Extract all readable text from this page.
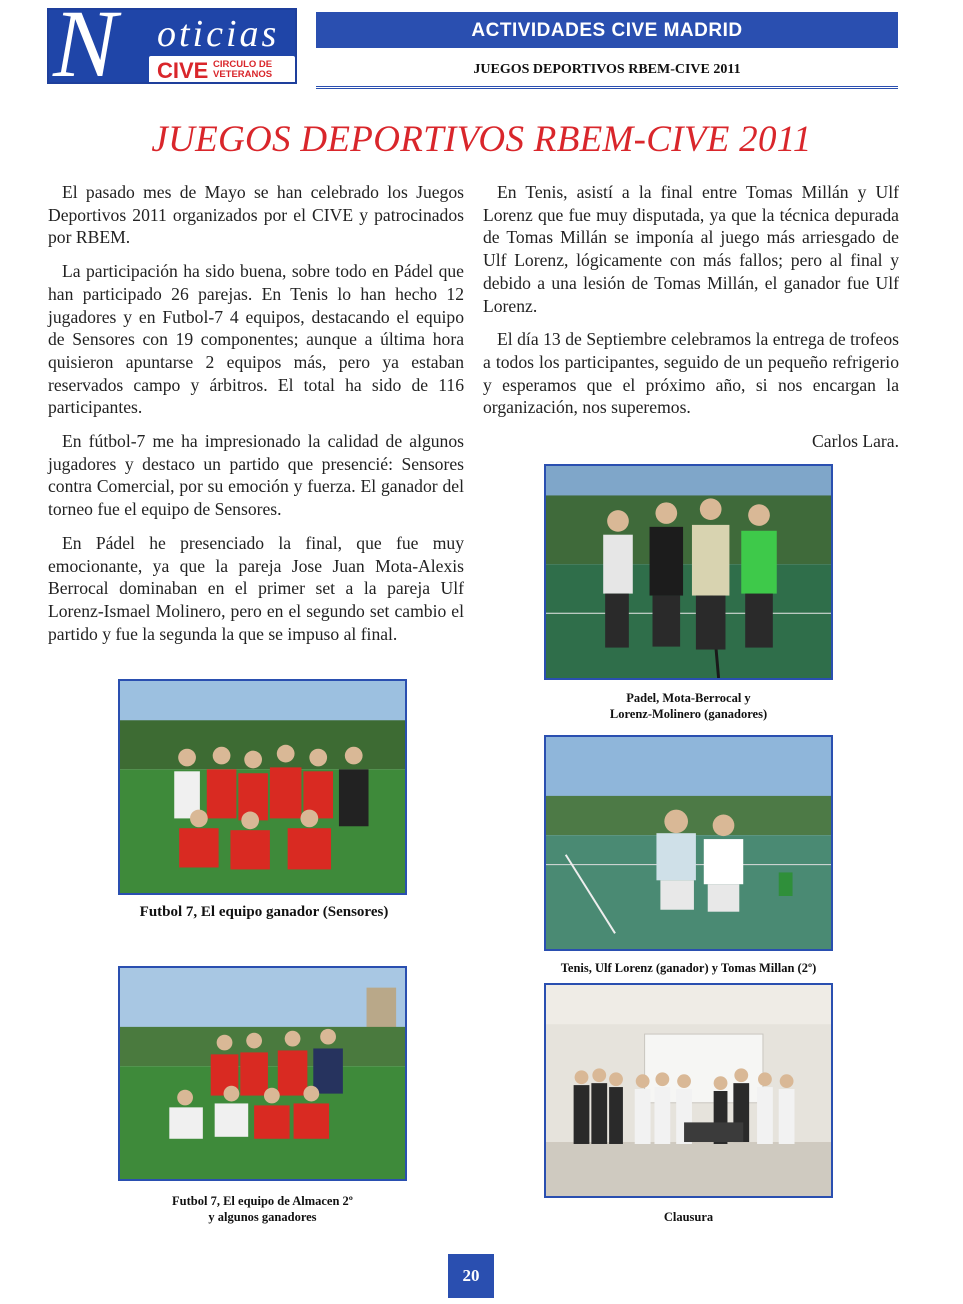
N oticias
CIVE CIRCULO DE
VETERANOS
ACTIVIDADES CIVE MADRID
JUEGOS DEPORTIVOS RBEM-CIVE 2011
JUEGOS DEPORTIVOS RBEM-CIVE 2011

El pasado mes de Mayo se han celebrado los Juegos Deportivos 2011 organizados por el CIVE y patrocinados por RBEM.

La participación ha sido buena, sobre todo en Pádel que han participado 26 parejas. En Tenis lo han hecho 12 jugadores y en Futbol-7 4 equipos, destacando el equipo de Sensores con 19 componentes; aunque a última hora quisieron apuntarse 2 equipos más, pero ya estaban reservados campo y árbitros. El total ha sido de 116 participantes.

En fútbol-7 me ha impresionado la calidad de algunos jugadores y destaco un partido que presencié: Sensores contra Comercial, por su emoción y fuerza. El ganador del torneo fue el equipo de Sensores.

En Pádel he presenciado la final, que fue muy emocionante, ya que la pareja Jose Juan Mota-Alexis Berrocal dominaban en el primer set a la pareja Ulf Lorenz-Ismael Molinero, pero en el segundo set cambio el partido y fue la segunda la que se impuso al final.

En Tenis, asistí a la final entre Tomas Millán y Ulf Lorenz que fue muy disputada, ya que la técnica depurada de Tomas Millán se imponía al juego más arriesgado de Ulf Lorenz, lógicamente con más fallos; pero al final y debido a una lesión de Tomas Millán, el ganador fue Ulf Lorenz.

El día 13 de Septiembre celebramos la entrega de trofeos a todos los participantes, seguido de un pequeño refrigerio y esperamos que el próximo año, si nos encargan la organización, nos superemos.

Carlos Lara.
Padel, Mota-Berrocal y
Lorenz-Molinero (ganadores)
Futbol 7, El equipo ganador (Sensores)
Tenis, Ulf Lorenz (ganador) y Tomas Millan (2º)
Futbol 7, El equipo de Almacen 2º
y algunos ganadores	Clausura
20
